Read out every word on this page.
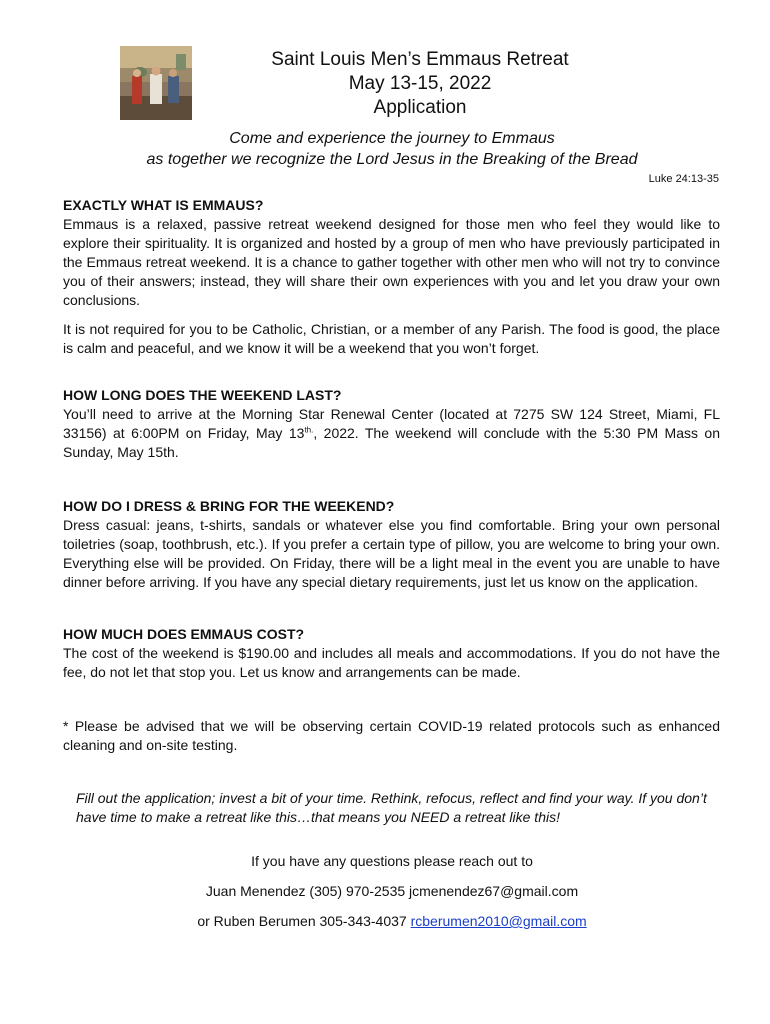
Saint Louis Men’s Emmaus Retreat
May 13-15, 2022
Application
Come and experience the journey to Emmaus
as together we recognize the Lord Jesus in the Breaking of the Bread
Luke 24:13-35

EXACTLY WHAT IS EMMAUS?

Emmaus is a relaxed, passive retreat weekend designed for those men who feel they would like to explore their spirituality. It is organized and hosted by a group of men who have previously participated in the Emmaus retreat weekend. It is a chance to gather together with other men who will not try to convince you of their answers; instead, they will share their own experiences with you and let you draw your own conclusions.

It is not required for you to be Catholic, Christian, or a member of any Parish. The food is good, the place is calm and peaceful, and we know it will be a weekend that you won’t forget.

HOW LONG DOES THE WEEKEND LAST?

You’ll need to arrive at the Morning Star Renewal Center (located at 7275 SW 124 Street, Miami, FL 33156) at 6:00PM on Friday, May $13^{th.}$, 2022. The weekend will conclude with the 5:30 PM Mass on Sunday, May 15th.

HOW DO I DRESS & BRING FOR THE WEEKEND?

Dress casual: jeans, t-shirts, sandals or whatever else you find comfortable. Bring your own personal toiletries (soap, toothbrush, etc.). If you prefer a certain type of pillow, you are welcome to bring your own. Everything else will be provided. On Friday, there will be a light meal in the event you are unable to have dinner before arriving. If you have any special dietary requirements, just let us know on the application.

HOW MUCH DOES EMMAUS COST?

The cost of the weekend is $190.00 and includes all meals and accommodations. If you do not have the fee, do not let that stop you. Let us know and arrangements can be made.

* Please be advised that we will be observing certain COVID-19 related protocols such as enhanced cleaning and on-site testing.

Fill out the application; invest a bit of your time. Rethink, refocus, reflect and find your way. If you don’t have time to make a retreat like this…that means you NEED a retreat like this!
If you have any questions please reach out to
Juan Menendez (305) 970-2535 jcmenendez67@gmail.com
or Ruben Berumen 305-343-4037 rcberumen2010@gmail.com
